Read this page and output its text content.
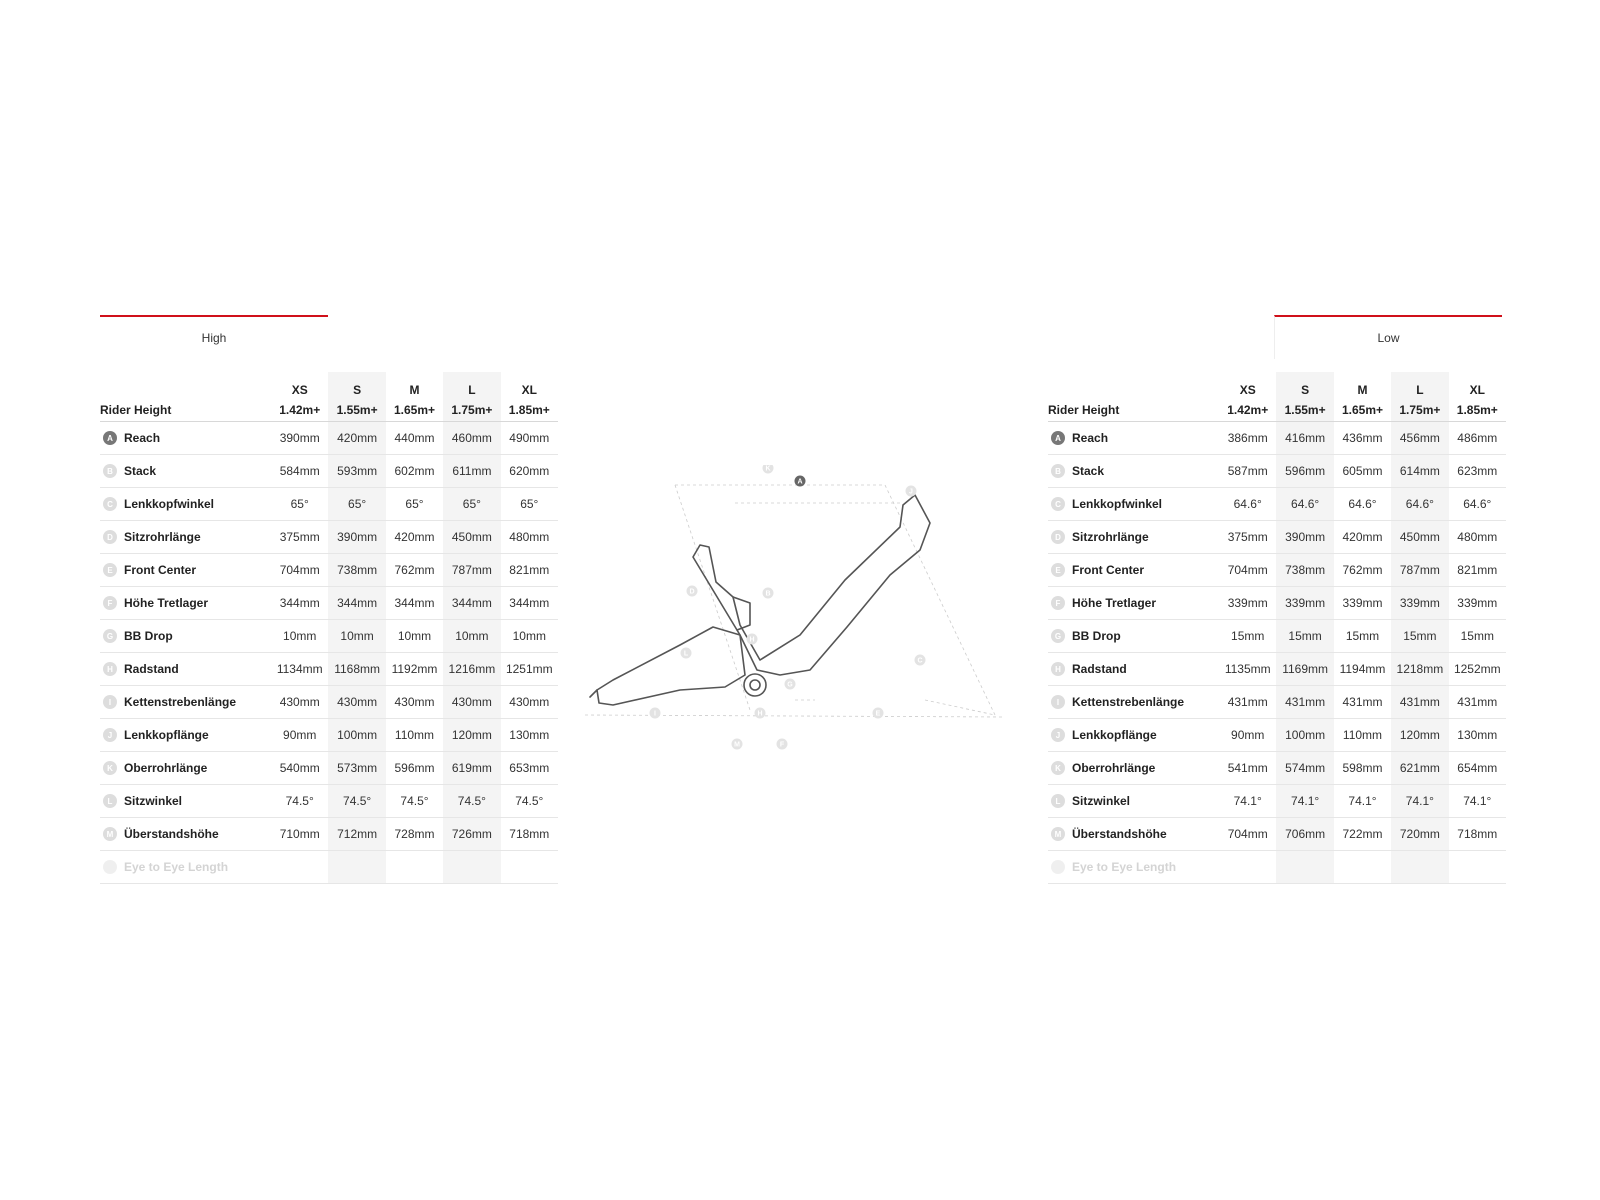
High	Low
	XS	S	M	L	XL
Rider Height	1.42m+	1.55m+	1.65m+	1.75m+	1.85m+

A Reach	390mm	420mm	440mm	460mm	490mm

B Stack	584mm	593mm	602mm	611mm	620mm

C Lenkkopfwinkel	65°	65°	65°	65°	65°

D Sitzrohrlänge	375mm	390mm	420mm	450mm	480mm

E Front Center	704mm	738mm	762mm	787mm	821mm

F Höhe Tretlager	344mm	344mm	344mm	344mm	344mm

G BB Drop	10mm	10mm	10mm	10mm	10mm

H Radstand	1134mm	1168mm	1192mm	1216mm	1251mm

I Kettenstrebenlänge	430mm	430mm	430mm	430mm	430mm

J Lenkkopflänge	90mm	100mm	110mm	120mm	130mm

K Oberrohrlänge	540mm	573mm	596mm	619mm	653mm

L Sitzwinkel	74.5°	74.5°	74.5°	74.5°	74.5°

M Überstandshöhe	710mm	712mm	728mm	726mm	718mm

N Eye to Eye Length					

K
A
J
D	B
H
L
C
G
I	H	E
M	F
	XS	S	M	L	XL
Rider Height	1.42m+	1.55m+	1.65m+	1.75m+	1.85m+

A Reach	386mm	416mm	436mm	456mm	486mm

B Stack	587mm	596mm	605mm	614mm	623mm

C Lenkkopfwinkel	64.6°	64.6°	64.6°	64.6°	64.6°

D Sitzrohrlänge	375mm	390mm	420mm	450mm	480mm

E Front Center	704mm	738mm	762mm	787mm	821mm

F Höhe Tretlager	339mm	339mm	339mm	339mm	339mm

G BB Drop	15mm	15mm	15mm	15mm	15mm

H Radstand	1135mm	1169mm	1194mm	1218mm	1252mm

I Kettenstrebenlänge	431mm	431mm	431mm	431mm	431mm

J Lenkkopflänge	90mm	100mm	110mm	120mm	130mm

K Oberrohrlänge	541mm	574mm	598mm	621mm	654mm

L Sitzwinkel	74.1°	74.1°	74.1°	74.1°	74.1°

M Überstandshöhe	704mm	706mm	722mm	720mm	718mm

N Eye to Eye Length					
